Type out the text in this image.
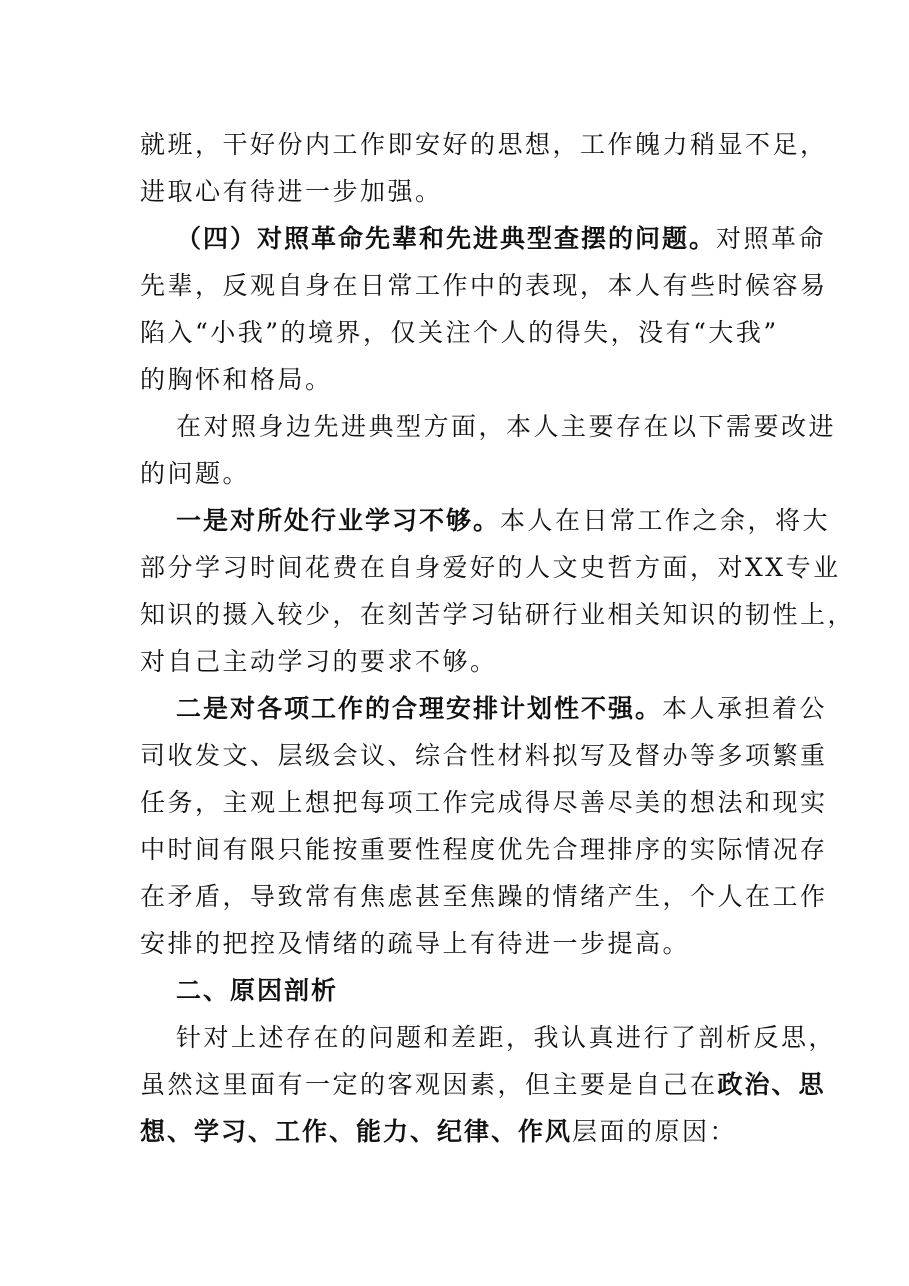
就班，干好份内工作即安好的思想，工作魄力稍显不足，
进取心有待进一步加强。

（四）对照革命先辈和先进典型查摆的问题。对照革命
先辈，反观自身在日常工作中的表现，本人有些时候容易
陷入“小我”的境界，仅关注个人的得失，没有“大我”
的胸怀和格局。

在对照身边先进典型方面，本人主要存在以下需要改进
的问题。

一是对所处行业学习不够。本人在日常工作之余，将大
部分学习时间花费在自身爱好的人文史哲方面，对XX专业
知识的摄入较少，在刻苦学习钻研行业相关知识的韧性上，
对自己主动学习的要求不够。

二是对各项工作的合理安排计划性不强。本人承担着公
司收发文、层级会议、综合性材料拟写及督办等多项繁重
任务，主观上想把每项工作完成得尽善尽美的想法和现实
中时间有限只能按重要性程度优先合理排序的实际情况存
在矛盾，导致常有焦虑甚至焦躁的情绪产生，个人在工作
安排的把控及情绪的疏导上有待进一步提高。

二、原因剖析

针对上述存在的问题和差距，我认真进行了剖析反思，
虽然这里面有一定的客观因素，但主要是自己在政治、思
想、学习、工作、能力、纪律、作风层面的原因：
